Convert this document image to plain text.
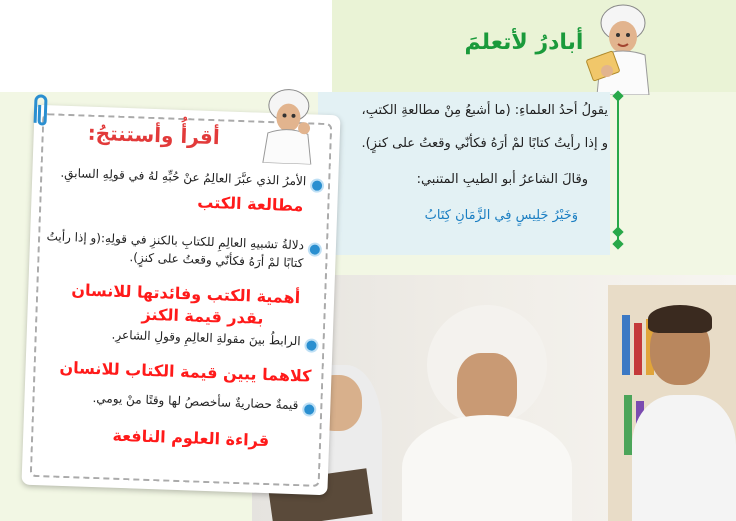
أبادرُ لأتعلمَ
يقولُ أحدُ العلماءِ: (ما أشبعُ مِنْ مطالعةِ الكتبِ،
و إذا رأيتُ كتابًا لمْ أرَهُ فكأنّي وقعتُ على كنزٍ).
وقالَ الشاعرُ أبو الطيبِ المتنبي:
وَخَيْرُ جَلِيسٍ فِي الزَّمَانِ كِتَابُ
أقرأُ وأستنتجُ:
الأمرُ الذي عبَّرَ العالِمُ عنْ حُبِّهِ لهُ في قولِهِ السابقِ.
مطالعة الكتب
دلالةُ تشبيهِ العالِمِ للكتابِ بالكنزِ في قولِهِ:(و إذا رأيتُ كتابًا لمْ أرَهُ فكأنّي وقعتُ على كنزٍ).
أهمية الكتب وفائدتها للانسان
بقدر قيمة الكنز
الرابطُ بينَ مقولةِ العالِمِ وقولِ الشاعرِ.
كلاهما يبين قيمة الكتاب للانسان
قيمةٌ حضاريةٌ سأخصصُ لها وقتًا منْ يومي.
قراءة العلوم النافعة
